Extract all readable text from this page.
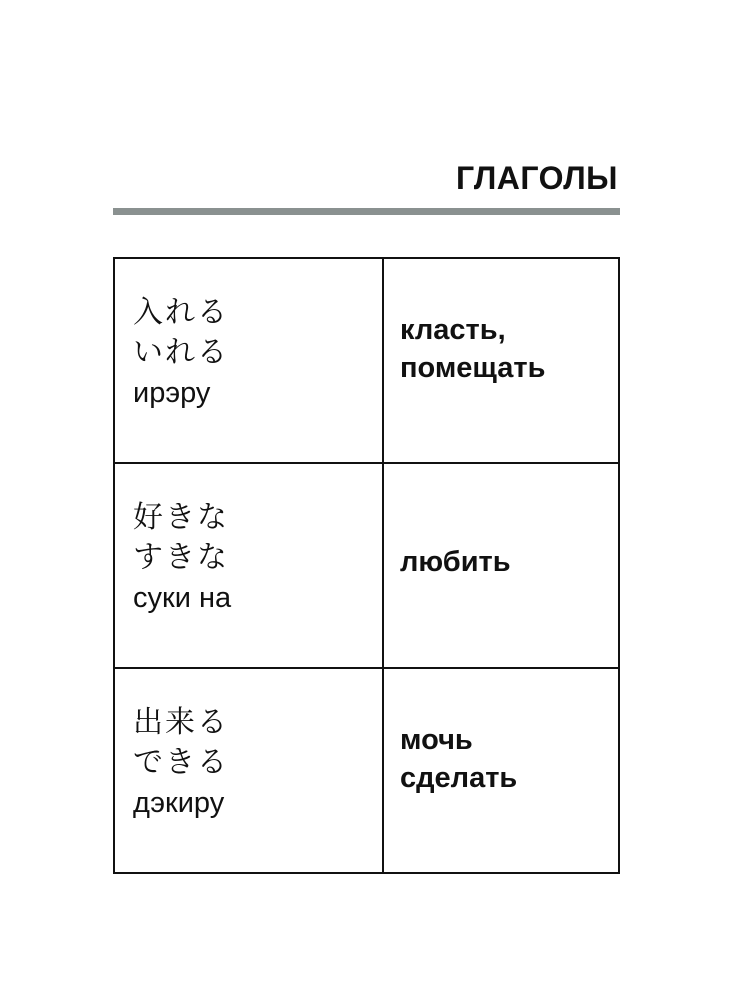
ГЛАГОЛЫ
入れる
いれる
ирэру	класть,
помещать

好きな
すきな
суки на	любить

出来る
できる
дэкиру	мочь
сделать
